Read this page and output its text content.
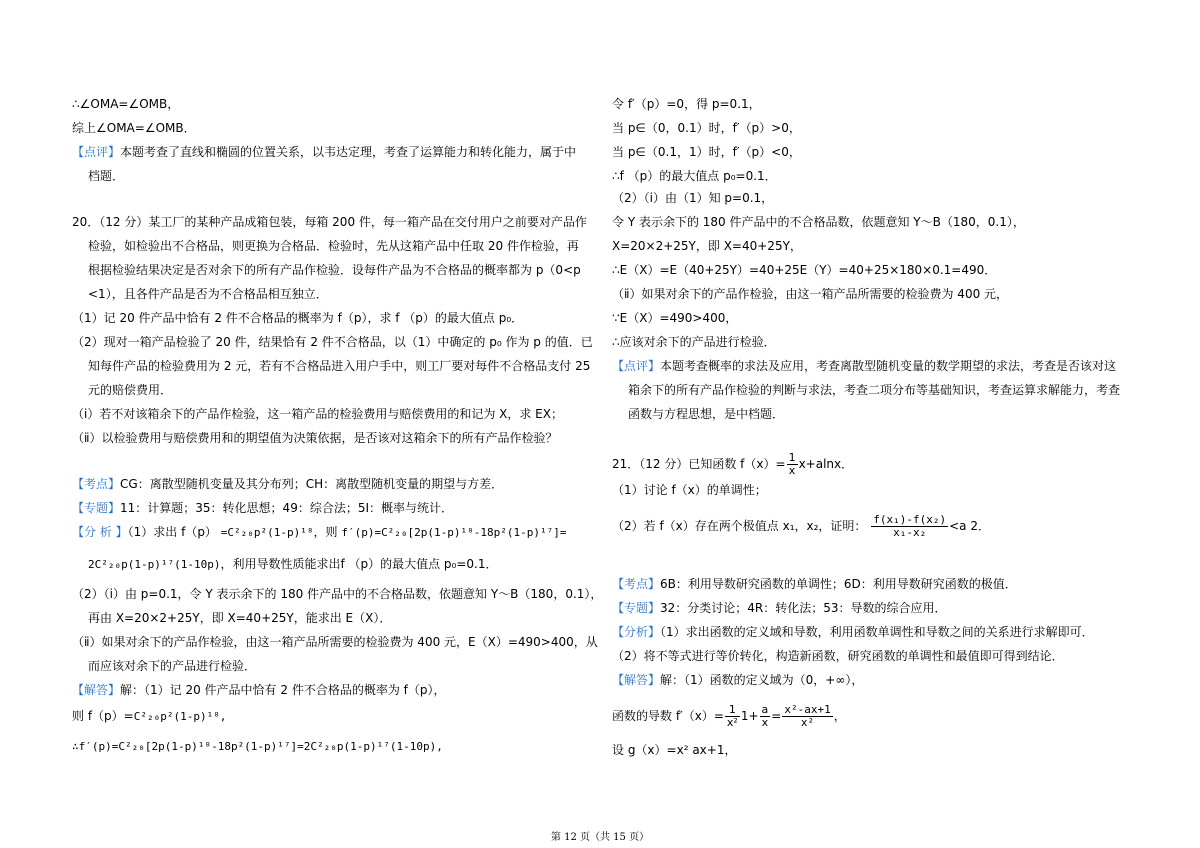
∴∠OMA=∠OMB，
综上∠OMA=∠OMB．
【点评】本题考查了直线和椭圆的位置关系，以韦达定理，考查了运算能力和转化能力，属于中
档题．
20．（12 分）某工厂的某种产品成箱包装，每箱 200 件，每一箱产品在交付用户之前要对产品作
检验，如检验出不合格品，则更换为合格品．检验时，先从这箱产品中任取 20 件作检验，再
根据检验结果决定是否对余下的所有产品作检验．设每件产品为不合格品的概率都为 p（0<p
<1），且各件产品是否为不合格品相互独立．
（1）记 20 件产品中恰有 2 件不合格品的概率为 f（p），求 f （p）的最大值点 p₀．
（2）现对一箱产品检验了 20 件，结果恰有 2 件不合格品，以（1）中确定的 p₀ 作为 p 的值．已
知每件产品的检验费用为 2 元，若有不合格品进入用户手中，则工厂要对每件不合格品支付 25
元的赔偿费用．
（i）若不对该箱余下的产品作检验，这一箱产品的检验费用与赔偿费用的和记为 X，求 EX；
（ⅱ）以检验费用与赔偿费用和的期望值为决策依据，是否该对这箱余下的所有产品作检验？
【考点】CG：离散型随机变量及其分布列；CH：离散型随机变量的期望与方差．
【专题】11：计算题；35：转化思想；49：综合法；5I：概率与统计．
【分 析 】（1）求出 f（p） =C²₂₀p²(1-p)¹⁸，则 f′(p)=C²₂₀[2p(1-p)¹⁸-18p²(1-p)¹⁷]=
2C²₂₀p(1-p)¹⁷(1-10p)，利用导数性质能求出f （p）的最大值点 p₀=0.1．
（2）（i）由 p=0.1，令 Y 表示余下的 180 件产品中的不合格品数，依题意知 Y～B（180，0.1），
再由 X=20×2+25Y，即 X=40+25Y，能求出 E（X）．
（ⅱ）如果对余下的产品作检验，由这一箱产品所需要的检验费为 400 元，E（X）=490>400，从
而应该对余下的产品进行检验．
【解答】解：（1）记 20 件产品中恰有 2 件不合格品的概率为 f（p），
则 f（p）=C²₂₀p²(1-p)¹⁸,
∴f′(p)=C²₂₀[2p(1-p)¹⁸-18p²(1-p)¹⁷]=2C²₂₀p(1-p)¹⁷(1-10p),
令 f′（p）=0，得 p=0.1，
当 p∈（0，0.1）时，f′（p）>0，
当 p∈（0.1，1）时，f′（p）<0，
∴f （p）的最大值点 p₀=0.1．
（2）（i）由（1）知 p=0.1，
令 Y 表示余下的 180 件产品中的不合格品数，依题意知 Y～B（180，0.1），
X=20×2+25Y，即 X=40+25Y，
∴E（X）=E（40+25Y）=40+25E（Y）=40+25×180×0.1=490．
（ⅱ）如果对余下的产品作检验，由这一箱产品所需要的检验费为 400 元，
∵E（X）=490>400，
∴应该对余下的产品进行检验．
【点评】本题考查概率的求法及应用，考查离散型随机变量的数学期望的求法，考查是否该对这
箱余下的所有产品作检验的判断与求法，考查二项分布等基础知识，考查运算求解能力，考查
函数与方程思想，是中档题．
21．（12 分）已知函数 $f(x)= \frac{1}{x} x+alnx$．
（1）讨论 f（x）的单调性；
（2）若 f（x）存在两个极值点 x₁，x₂，证明： $\frac{\text{f(x₁)-f(x₂)}}{\text{x₁-x₂}} <a$ 2．
【考点】6B：利用导数研究函数的单调性；6D：利用导数研究函数的极值．
【专题】32：分类讨论；4R：转化法；53：导数的综合应用．
【分析】（1）求出函数的定义域和导数，利用函数单调性和导数之间的关系进行求解即可．
（2）将不等式进行等价转化，构造新函数，研究函数的单调性和最值即可得到结论．
【解答】解：（1）函数的定义域为（0，+∞），
函数的导数 $f'(x)= \frac{1}{\text{x²}} 1+ \frac{a}{x} = \frac{\text{x²-ax+1}}{\text{x²}}$ ，
设 g（x）=x² ax+1，
第 12 页（共 15 页）
